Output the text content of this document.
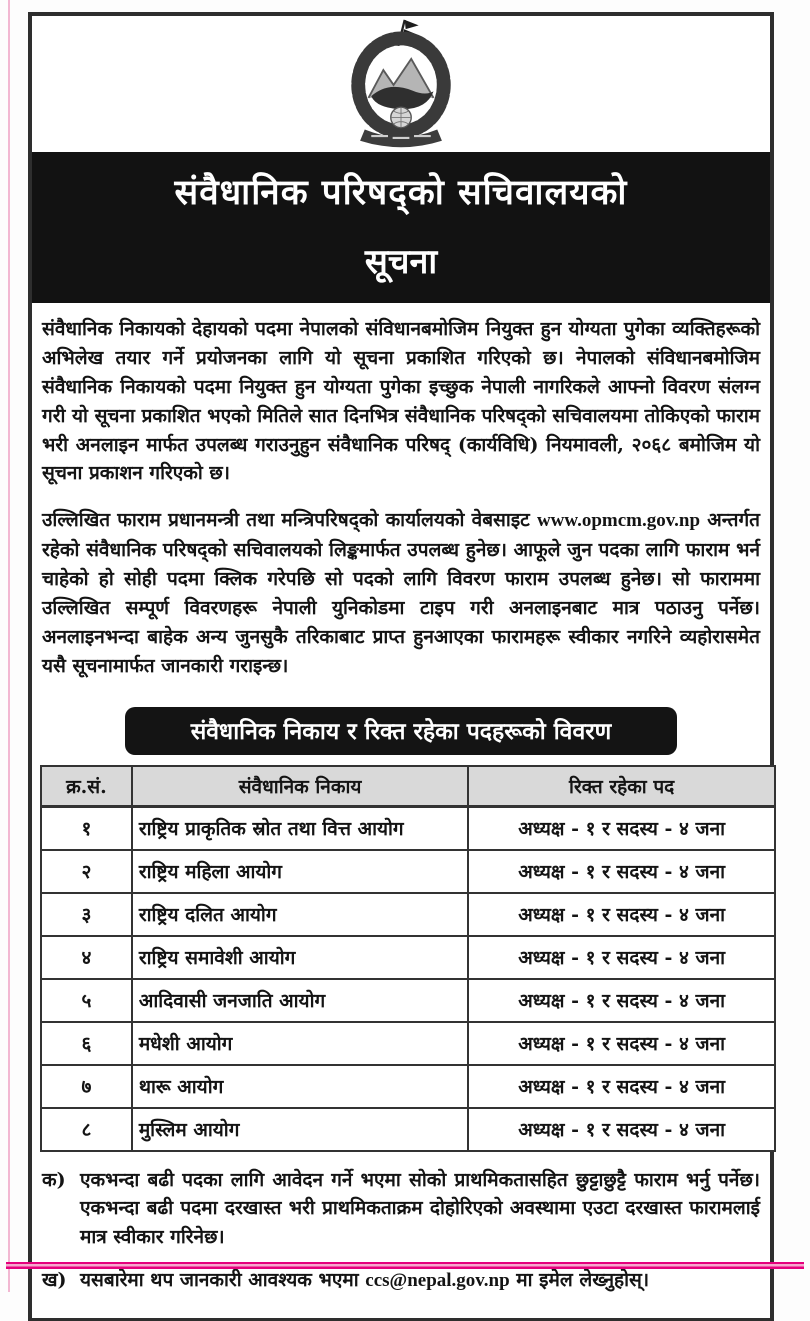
संवैधानिक परिषद्को सचिवालयको
सूचना

संवैधानिक निकायको देहायको पदमा नेपालको संविधानबमोजिम नियुक्त हुन योग्यता पुगेका व्यक्तिहरूको अभिलेख तयार गर्ने प्रयोजनका लागि यो सूचना प्रकाशित गरिएको छ। नेपालको संविधानबमोजिम संवैधानिक निकायको पदमा नियुक्त हुन योग्यता पुगेका इच्छुक नेपाली नागरिकले आफ्नो विवरण संलग्न गरी यो सूचना प्रकाशित भएको मितिले सात दिनभित्र संवैधानिक परिषद्को सचिवालयमा तोकिएको फाराम भरी अनलाइन मार्फत उपलब्ध गराउनुहुन संवैधानिक परिषद् (कार्यविधि) नियमावली, २०६८ बमोजिम यो सूचना प्रकाशन गरिएको छ।

उल्लिखित फाराम प्रधानमन्त्री तथा मन्त्रिपरिषद्को कार्यालयको वेबसाइट www.opmcm.gov.np अन्तर्गत रहेको संवैधानिक परिषद्को सचिवालयको लिङ्कमार्फत उपलब्ध हुनेछ। आफूले जुन पदका लागि फाराम भर्न चाहेको हो सोही पदमा क्लिक गरेपछि सो पदको लागि विवरण फाराम उपलब्ध हुनेछ। सो फाराममा उल्लिखित सम्पूर्ण विवरणहरू नेपाली युनिकोडमा टाइप गरी अनलाइनबाट मात्र पठाउनु पर्नेछ। अनलाइनभन्दा बाहेक अन्य जुनसुकै तरिकाबाट प्राप्त हुनआएका फारामहरू स्वीकार नगरिने व्यहोरासमेत यसै सूचनामार्फत जानकारी गराइन्छ।

संवैधानिक निकाय र रिक्त रहेका पदहरूको विवरण
क्र.सं.	संवैधानिक निकाय	रिक्त रहेका पद
१	राष्ट्रिय प्राकृतिक स्रोत तथा वित्त आयोग	अध्यक्ष - १ र सदस्य - ४ जना
२	राष्ट्रिय महिला आयोग	अध्यक्ष - १ र सदस्य - ४ जना
३	राष्ट्रिय दलित आयोग	अध्यक्ष - १ र सदस्य - ४ जना
४	राष्ट्रिय समावेशी आयोग	अध्यक्ष - १ र सदस्य - ४ जना
५	आदिवासी जनजाति आयोग	अध्यक्ष - १ र सदस्य - ४ जना
६	मधेशी आयोग	अध्यक्ष - १ र सदस्य - ४ जना
७	थारू आयोग	अध्यक्ष - १ र सदस्य - ४ जना
८	मुस्लिम आयोग	अध्यक्ष - १ र सदस्य - ४ जना
क) एकभन्दा बढी पदका लागि आवेदन गर्ने भएमा सोको प्राथमिकतासहित छुट्टाछुट्टै फाराम भर्नु पर्नेछ। एकभन्दा बढी पदमा दरखास्त भरी प्राथमिकताक्रम दोहोरिएको अवस्थामा एउटा दरखास्त फारामलाई मात्र स्वीकार गरिनेछ।
ख) यसबारेमा थप जानकारी आवश्यक भएमा ccs@nepal.gov.np मा इमेल लेख्नुहोस्।
